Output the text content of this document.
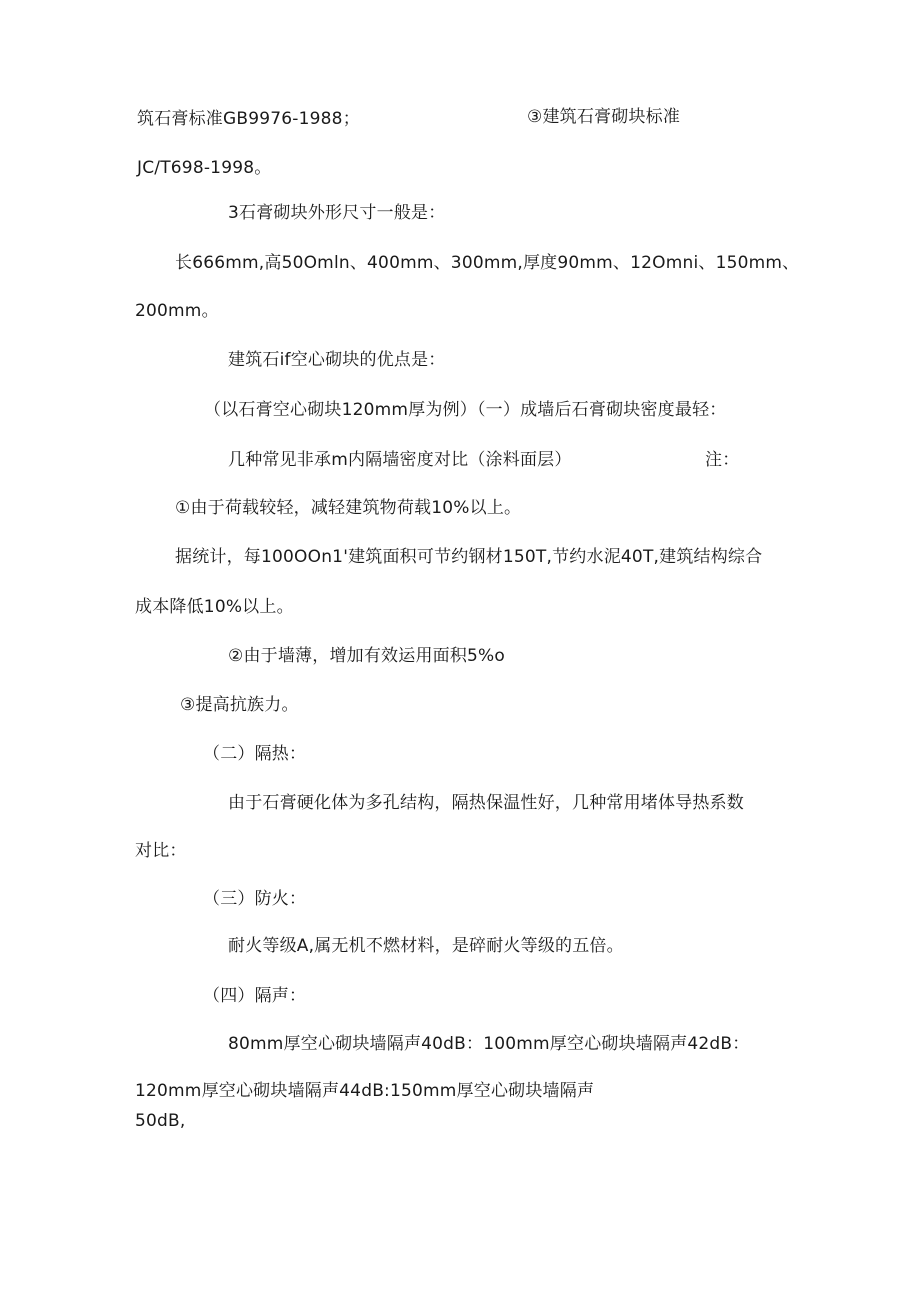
筑石膏标准GB9976-1988；	③建筑石膏砌块标准
JC/T698-1998。
3石膏砌块外形尺寸一般是：
长666mm,高50Omln、400mm、300mm,厚度90mm、12Omni、150mm、
200mm。
建筑石if空心砌块的优点是：
（以石膏空心砌块120mm厚为例）（一）成墙后石膏砌块密度最轻：
几种常见非承m内隔墙密度对比（涂料面层）	注：
①由于荷载较轻，减轻建筑物荷载10%以上。
据统计，每100OOn1'建筑面积可节约钢材150T,节约水泥40T,建筑结构综合
成本降低10%以上。
②由于墙薄，增加有效运用面积5%o
③提高抗族力。
（二）隔热：
由于石膏硬化体为多孔结构，隔热保温性好，几种常用堵体导热系数
对比：
（三）防火：
耐火等级A,属无机不燃材料，是碎耐火等级的五倍。
（四）隔声：
80mm厚空心砌块墙隔声40dB：100mm厚空心砌块墙隔声42dB：
120mm厚空心砌块墙隔声44dB:150mm厚空心砌块墙隔声
50dB,
